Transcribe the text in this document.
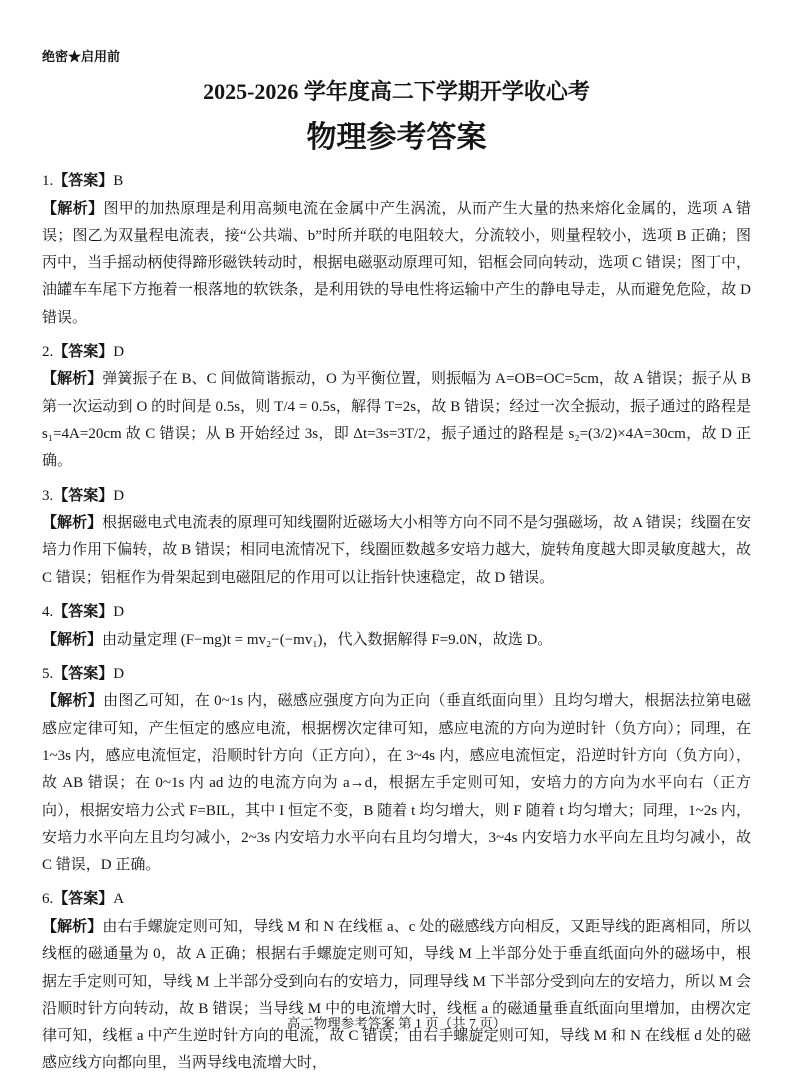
绝密★启用前
2025-2026 学年度高二下学期开学收心考
物理参考答案

1.【答案】B

【解析】图甲的加热原理是利用高频电流在金属中产生涡流，从而产生大量的热来熔化金属的，选项 A 错误；图乙为双量程电流表，接“公共端、b”时所并联的电阻较大，分流较小，则量程较小，选项 B 正确；图丙中，当手摇动柄使得蹄形磁铁转动时，根据电磁驱动原理可知，铝框会同向转动，选项 C 错误；图丁中，油罐车车尾下方拖着一根落地的软铁条，是利用铁的导电性将运输中产生的静电导走，从而避免危险，故 D 错误。

2.【答案】D

【解析】弹簧振子在 B、C 间做简谐振动，O 为平衡位置，则振幅为 A=OB=OC=5cm，故 A 错误；振子从 B 第一次运动到 O 的时间是 0.5s，则 T/4 = 0.5s，解得 T=2s，故 B 错误；经过一次全振动，振子通过的路程是 s₁=4A=20cm 故 C 错误；从 B 开始经过 3s，即 Δt=3s=3T/2，振子通过的路程是 s₂=(3/2)×4A=30cm，故 D 正确。

3.【答案】D

【解析】根据磁电式电流表的原理可知线圈附近磁场大小相等方向不同不是匀强磁场，故 A 错误；线圈在安培力作用下偏转，故 B 错误；相同电流情况下，线圈匝数越多安培力越大，旋转角度越大即灵敏度越大，故 C 错误；铝框作为骨架起到电磁阻尼的作用可以让指针快速稳定，故 D 错误。

4.【答案】D

【解析】由动量定理 (F−mg)t = mv₂−(−mv₁)，代入数据解得 F=9.0N，故选 D。

5.【答案】D

【解析】由图乙可知，在 0~1s 内，磁感应强度方向为正向（垂直纸面向里）且均匀增大，根据法拉第电磁感应定律可知，产生恒定的感应电流，根据楞次定律可知，感应电流的方向为逆时针（负方向）；同理，在 1~3s 内，感应电流恒定，沿顺时针方向（正方向），在 3~4s 内，感应电流恒定，沿逆时针方向（负方向），故 AB 错误；在 0~1s 内 ad 边的电流方向为 a→d，根据左手定则可知，安培力的方向为水平向右（正方向），根据安培力公式 F=BIL，其中 I 恒定不变，B 随着 t 均匀增大，则 F 随着 t 均匀增大；同理，1~2s 内，安培力水平向左且均匀减小，2~3s 内安培力水平向右且均匀增大，3~4s 内安培力水平向左且均匀减小，故 C 错误，D 正确。

6.【答案】A

【解析】由右手螺旋定则可知，导线 M 和 N 在线框 a、c 处的磁感线方向相反，又距导线的距离相同，所以线框的磁通量为 0，故 A 正确；根据右手螺旋定则可知，导线 M 上半部分处于垂直纸面向外的磁场中，根据左手定则可知，导线 M 上半部分受到向右的安培力，同理导线 M 下半部分受到向左的安培力，所以 M 会沿顺时针方向转动，故 B 错误；当导线 M 中的电流增大时，线框 a 的磁通量垂直纸面向里增加，由楞次定律可知，线框 a 中产生逆时针方向的电流，故 C 错误；由右手螺旋定则可知，导线 M 和 N 在线框 d 处的磁感应线方向都向里，当两导线电流增大时，

高二物理参考答案 第 1 页（共 7 页）
